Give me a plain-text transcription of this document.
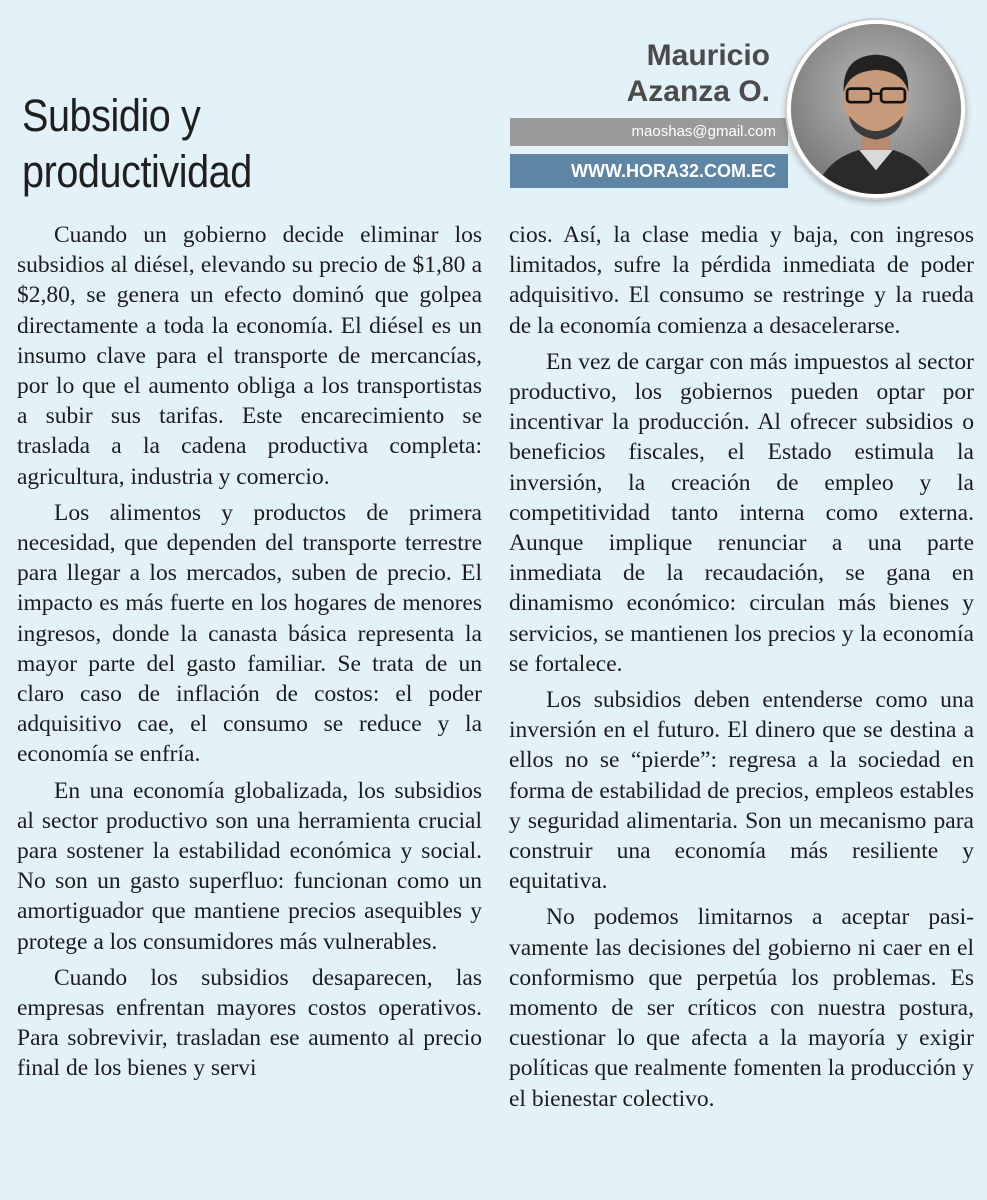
Subsidio y
productividad
Mauricio
Azanza O.
maoshas@gmail.com
WWW.HORA32.COM.EC

Cuando un gobierno decide eliminar los subsidios al diésel, elevando su precio de $1,80 a $2,80, se genera un efecto dominó que golpea directamente a toda la economía. El diésel es un insumo clave para el transporte de mercancías, por lo que el aumento obliga a los transportistas a subir sus tarifas. Este encarecimiento se traslada a la cadena productiva completa: agricultura, industria y comercio.

Los alimentos y productos de primera necesidad, que dependen del transporte terrestre para llegar a los mercados, suben de precio. El impacto es más fuerte en los hogares de menores ingresos, donde la canasta básica representa la mayor parte del gasto familiar. Se trata de un claro caso de inflación de costos: el poder adquisitivo cae, el consumo se reduce y la economía se enfría.

En una economía globalizada, los subsidios al sector productivo son una herramienta crucial para sostener la estabilidad económica y social. No son un gasto superfluo: funcionan como un amortiguador que mantiene precios asequibles y protege a los consumidores más vulnerables.

Cuando los subsidios desaparecen, las empresas enfrentan mayores costos operativos. Para sobrevivir, trasladan ese aumento al precio final de los bienes y servi

cios. Así, la clase media y baja, con ingresos limitados, sufre la pérdida inmediata de poder adquisitivo. El consumo se restringe y la rueda de la economía comienza a desacelerarse.

En vez de cargar con más impuestos al sector productivo, los gobiernos pueden optar por incentivar la producción. Al ofrecer subsidios o beneficios fiscales, el Estado estimula la inversión, la creación de empleo y la competitividad tanto interna como externa. Aunque implique renunciar a una parte inmediata de la recaudación, se gana en dinamismo económico: circulan más bienes y servicios, se mantienen los precios y la economía se fortalece.

Los subsidios deben entenderse como una inversión en el futuro. El dinero que se destina a ellos no se “pierde”: regresa a la sociedad en forma de estabilidad de precios, empleos estables y seguridad alimentaria. Son un mecanismo para construir una economía más resiliente y equitativa.

No podemos limitarnos a aceptar pasivamente las decisiones del gobierno ni caer en el conformismo que perpetúa los problemas. Es momento de ser críticos con nuestra postura, cuestionar lo que afecta a la mayoría y exigir políticas que realmente fomenten la producción y el bienestar colectivo.
